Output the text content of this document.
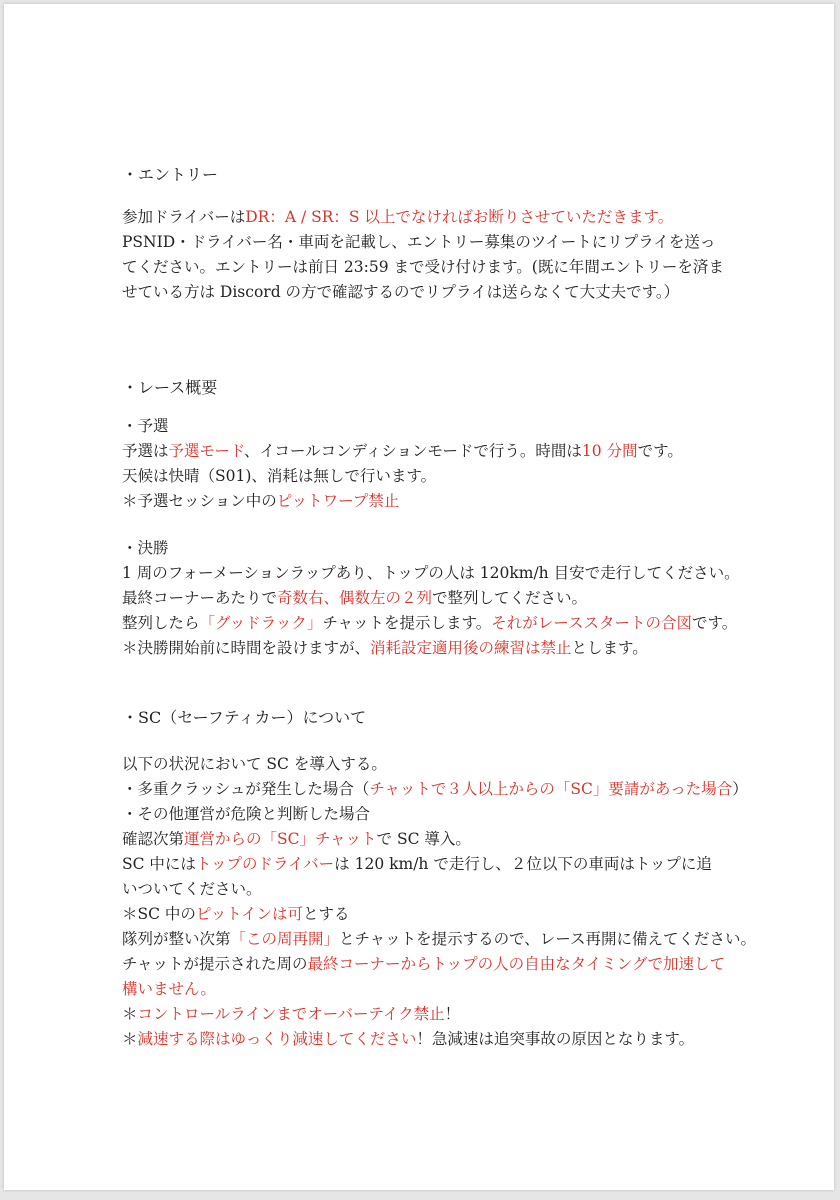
・エントリー
参加ドライバーはDR：A / SR：S 以上でなければお断りさせていただきます。
PSNID・ドライバー名・車両を記載し、エントリー募集のツイートにリプライを送ってください。エントリーは前日 23:59 まで受け付けます。(既に年間エントリーを済ませている方は Discord の方で確認するのでリプライは送らなくて大丈夫です。）
・レース概要
・予選
予選は予選モード、イコールコンディションモードで行う。時間は10 分間です。
天候は快晴（S01)、消耗は無しで行います。
＊予選セッション中のピットワープ禁止
・決勝
1 周のフォーメーションラップあり、トップの人は 120km/h 目安で走行してください。
最終コーナーあたりで奇数右、偶数左の２列で整列してください。
整列したら「グッドラック」チャットを提示します。それがレーススタートの合図です。
＊決勝開始前に時間を設けますが、消耗設定適用後の練習は禁止とします。
・SC（セーフティカー）について
以下の状況において SC を導入する。
・多重クラッシュが発生した場合（チャットで３人以上からの「SC」要請があった場合）
・その他運営が危険と判断した場合
確認次第運営からの「SC」チャットで SC 導入。
SC 中にはトップのドライバーは 120 km/h で走行し、２位以下の車両はトップに追いついてください。
＊SC 中のピットインは可とする
隊列が整い次第「この周再開」とチャットを提示するので、レース再開に備えてください。
チャットが提示された周の最終コーナーからトップの人の自由なタイミングで加速して構いません。
＊コントロールラインまでオーバーテイク禁止！
＊減速する際はゆっくり減速してください！急減速は追突事故の原因となります。
